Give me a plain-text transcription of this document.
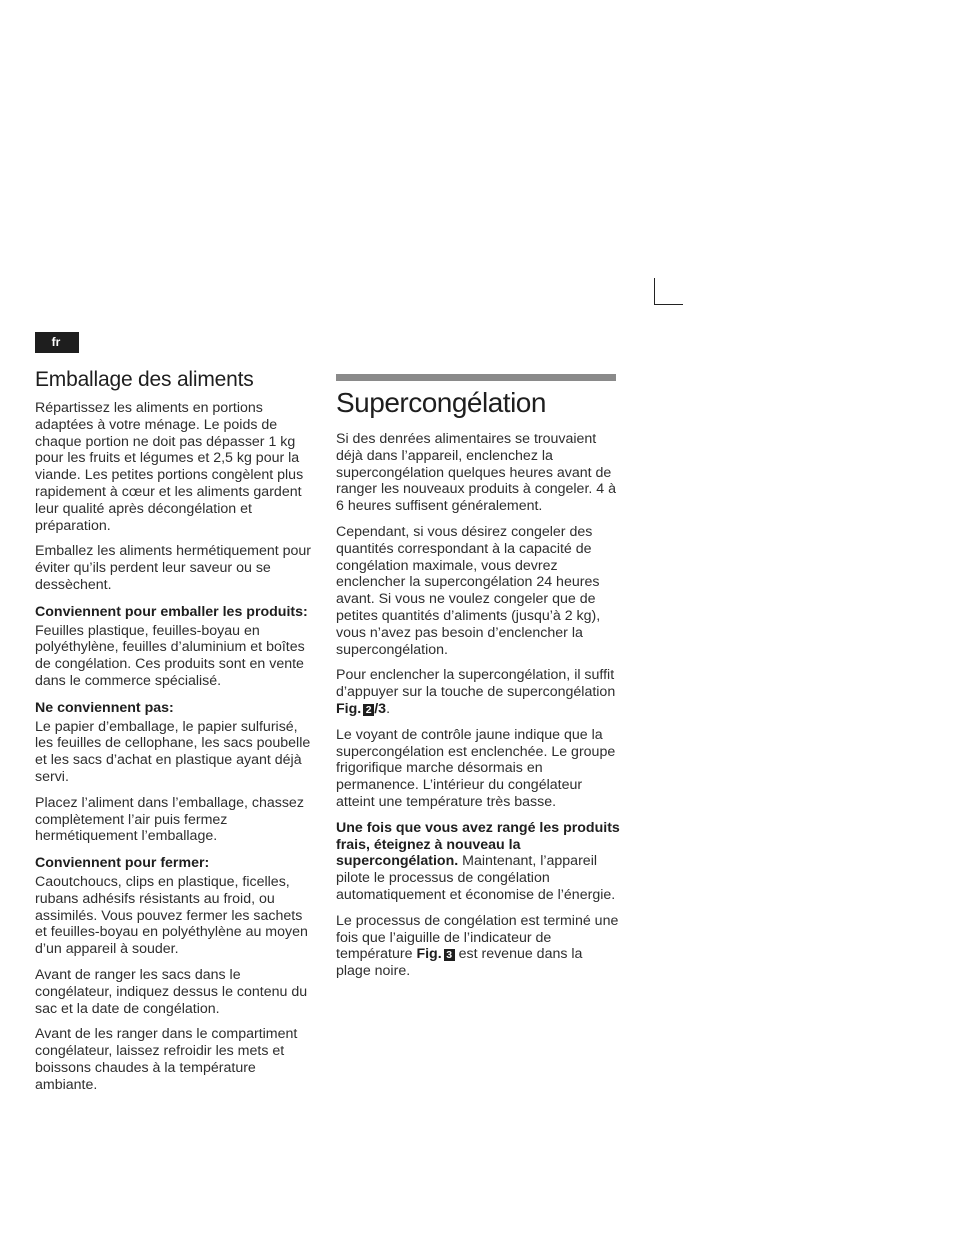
fr
Emballage des aliments

Répartissez les aliments en portions adaptées à votre ménage. Le poids de chaque portion ne doit pas dépasser 1 kg pour les fruits et légumes et 2,5 kg pour la viande. Les petites portions congèlent plus rapidement à cœur et les aliments gardent leur qualité après décongélation et préparation.

Emballez les aliments hermétiquement pour éviter qu’ils perdent leur saveur ou se dessèchent.

Conviennent pour emballer les produits:

Feuilles plastique, feuilles-boyau en polyéthylène, feuilles d’aluminium et boîtes de congélation. Ces produits sont en vente dans le commerce spécialisé.

Ne conviennent pas:

Le papier d’emballage, le papier sulfurisé, les feuilles de cellophane, les sacs poubelle et les sacs d’achat en plastique ayant déjà servi.

Placez l’aliment dans l’emballage, chassez complètement l’air puis fermez hermétiquement l’emballage.

Conviennent pour fermer:

Caoutchoucs, clips en plastique, ficelles, rubans adhésifs résistants au froid, ou assimilés. Vous pouvez fermer les sachets et feuilles-boyau en polyéthylène au moyen d’un appareil à souder.

Avant de ranger les sacs dans le congélateur, indiquez dessus le contenu du sac et la date de congélation.

Avant de les ranger dans le compartiment congélateur, laissez refroidir les mets et boissons chaudes à la température ambiante.

Supercongélation

Si des denrées alimentaires se trouvaient déjà dans l’appareil, enclenchez la supercongélation quelques heures avant de ranger les nouveaux produits à congeler. 4 à 6 heures suffisent généralement.

Cependant, si vous désirez congeler des quantités correspondant à la capacité de congélation maximale, vous devrez enclencher la supercongélation 24 heures avant. Si vous ne voulez congeler que de petites quantités d’aliments (jusqu’à 2 kg), vous n’avez pas besoin d’enclencher la supercongélation.

Pour enclencher la supercongélation, il suffit d’appuyer sur la touche de supercongélation Fig. 2 /3.

Le voyant de contrôle jaune indique que la supercongélation est enclenchée. Le groupe frigorifique marche désormais en permanence. L’intérieur du congélateur atteint une température très basse.

Une fois que vous avez rangé les produits frais, éteignez à nouveau la supercongélation. Maintenant, l’appareil pilote le processus de congélation automatiquement et économise de l’énergie.

Le processus de congélation est terminé une fois que l’aiguille de l’indicateur de température Fig. 3 est revenue dans la plage noire.
